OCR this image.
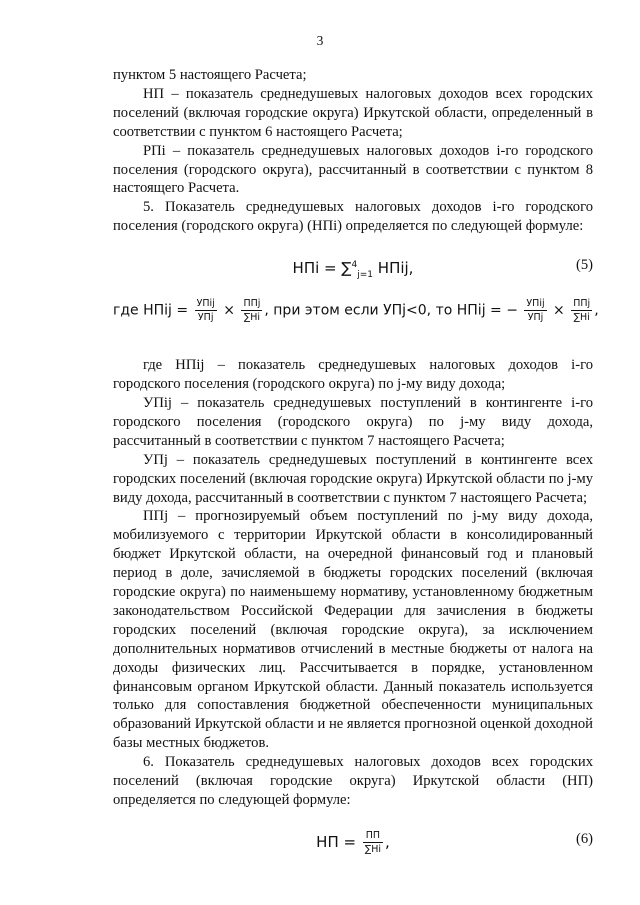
3

пунктом 5 настоящего Расчета;

НП – показатель среднедушевых налоговых доходов всех городских поселений (включая городские округа) Иркутской области, определенный в соответствии с пунктом 6 настоящего Расчета;

РПi – показатель среднедушевых налоговых доходов i-го городского поселения (городского округа), рассчитанный в соответствии с пунктом 8 настоящего Расчета.

5. Показатель среднедушевых налоговых доходов i-го городского поселения (городского округа) (НПi) определяется по следующей формуле:

НПi = ∑$^4_{j=1}$ НПij,	(5)
где НПij = $\frac{\text{УПij}}{\text{УПj}} \times \frac{\text{ППj}}{\sum Hi}$ , при этом если УПj<0, то НПij = − $\frac{\text{УПij}}{\text{УПj}} \times \frac{\text{ППj}}{\sum Hi}$ ,

где НПij – показатель среднедушевых налоговых доходов i-го городского поселения (городского округа) по j-му виду дохода;

УПij – показатель среднедушевых поступлений в контингенте i-го городского поселения (городского округа) по j-му виду дохода, рассчитанный в соответствии с пунктом 7 настоящего Расчета;

УПj – показатель среднедушевых поступлений в контингенте всех городских поселений (включая городские округа) Иркутской области по j-му виду дохода, рассчитанный в соответствии с пунктом 7 настоящего Расчета;

ППj – прогнозируемый объем поступлений по j-му виду дохода, мобилизуемого с территории Иркутской области в консолидированный бюджет Иркутской области, на очередной финансовый год и плановый период в доле, зачисляемой в бюджеты городских поселений (включая городские округа) по наименьшему нормативу, установленному бюджетным законодательством Российской Федерации для зачисления в бюджеты городских поселений (включая городские округа), за исключением дополнительных нормативов отчислений в местные бюджеты от налога на доходы физических лиц. Рассчитывается в порядке, установленном финансовым органом Иркутской области. Данный показатель используется только для сопоставления бюджетной обеспеченности муниципальных образований Иркутской области и не является прогнозной оценкой доходной базы местных бюджетов.

6. Показатель среднедушевых налоговых доходов всех городских поселений (включая городские округа) Иркутской области (НП) определяется по следующей формуле:

НП = $\frac{ПП}{\sum Hi}$ ,	(6)
